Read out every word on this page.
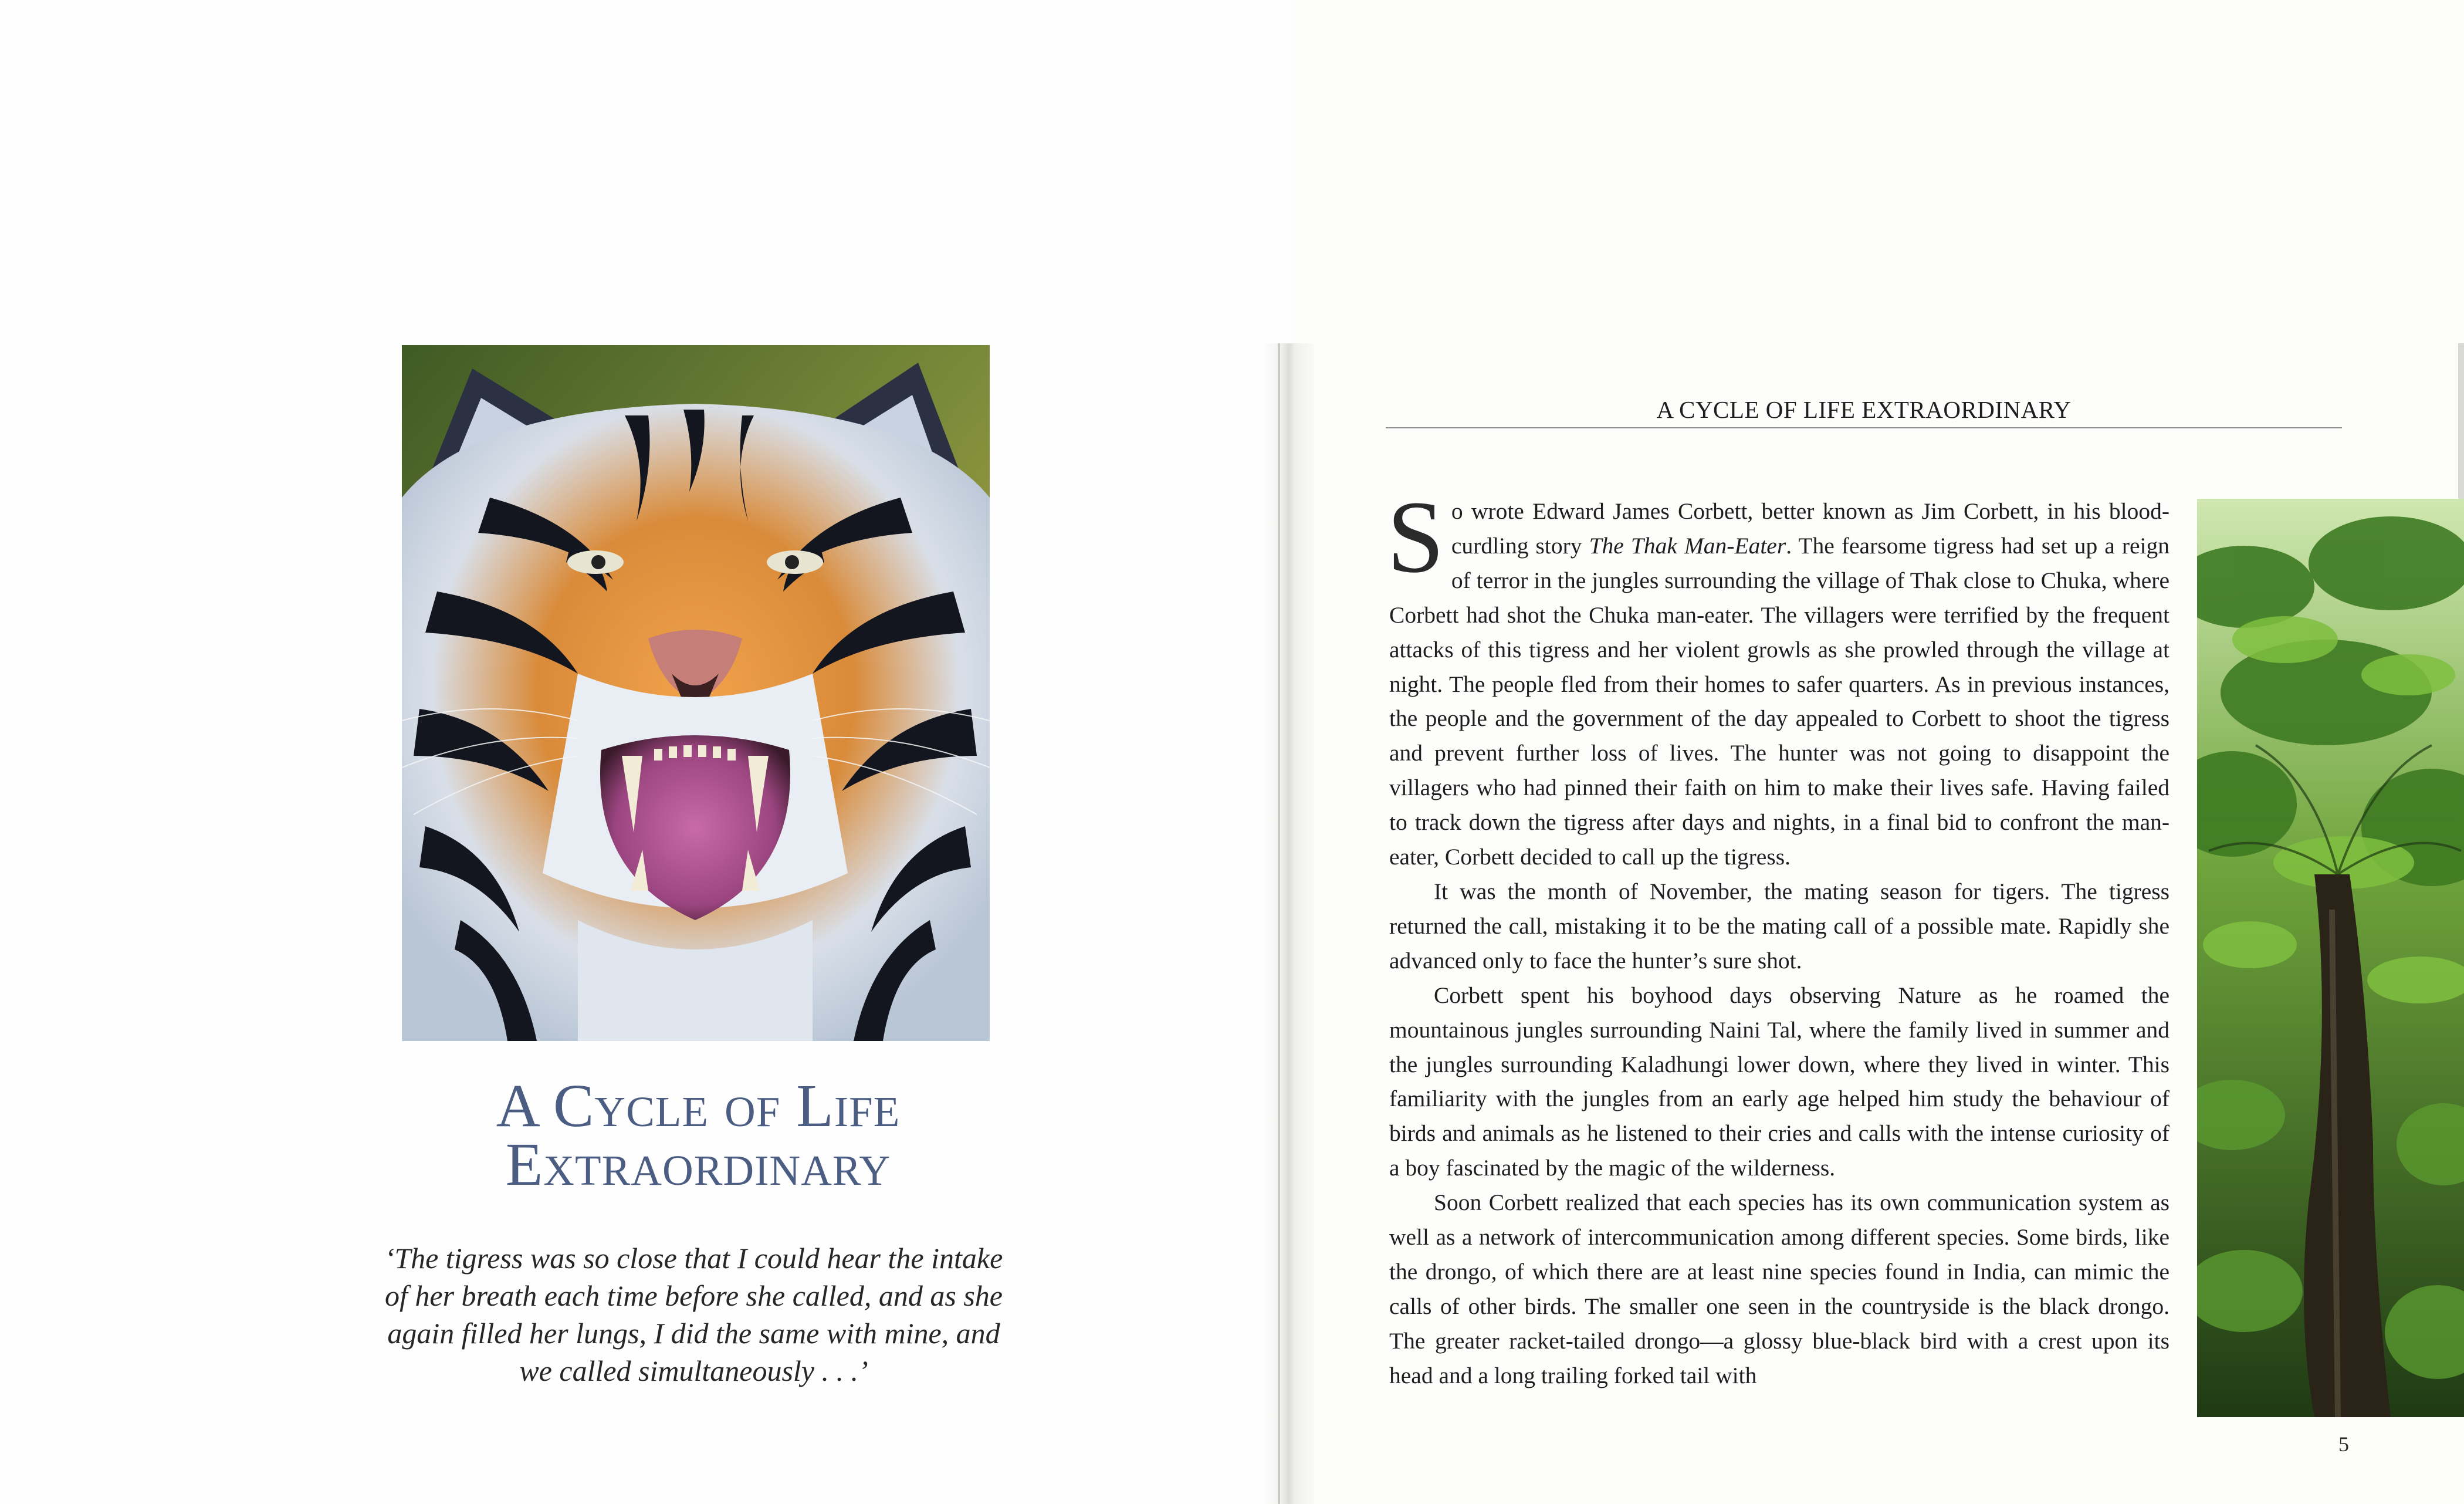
A Cycle of Life
Extraordinary
‘The tigress was so close that I could hear the intake of her breath each time before she called, and as she again filled her lungs, I did the same with mine, and we called simultaneously . . .’
A CYCLE OF LIFE EXTRAORDINARY

So wrote Edward James Corbett, better known as Jim Corbett, in his blood-curdling story The Thak Man-Eater. The fearsome tigress had set up a reign of terror in the jungles surrounding the village of Thak close to Chuka, where Corbett had shot the Chuka man-eater. The villagers were terrified by the frequent attacks of this tigress and her violent growls as she prowled through the village at night. The people fled from their homes to safer quarters. As in previous instances, the people and the government of the day appealed to Corbett to shoot the tigress and prevent further loss of lives. The hunter was not going to disappoint the villagers who had pinned their faith on him to make their lives safe. Having failed to track down the tigress after days and nights, in a final bid to confront the man-eater, Corbett decided to call up the tigress.

It was the month of November, the mating season for tigers. The tigress returned the call, mistaking it to be the mating call of a possible mate. Rapidly she advanced only to face the hunter’s sure shot.

Corbett spent his boyhood days observing Nature as he roamed the mountainous jungles surrounding Naini Tal, where the family lived in summer and the jungles surrounding Kaladhungi lower down, where they lived in winter. This familiarity with the jungles from an early age helped him study the behaviour of birds and animals as he listened to their cries and calls with the intense curiosity of a boy fascinated by the magic of the wilderness.

Soon Corbett realized that each species has its own communication system as well as a network of intercommunication among different species. Some birds, like the drongo, of which there are at least nine species found in India, can mimic the calls of other birds. The smaller one seen in the countryside is the black drongo. The greater racket-tailed drongo—a glossy blue-black bird with a crest upon its head and a long trailing forked tail with

5
